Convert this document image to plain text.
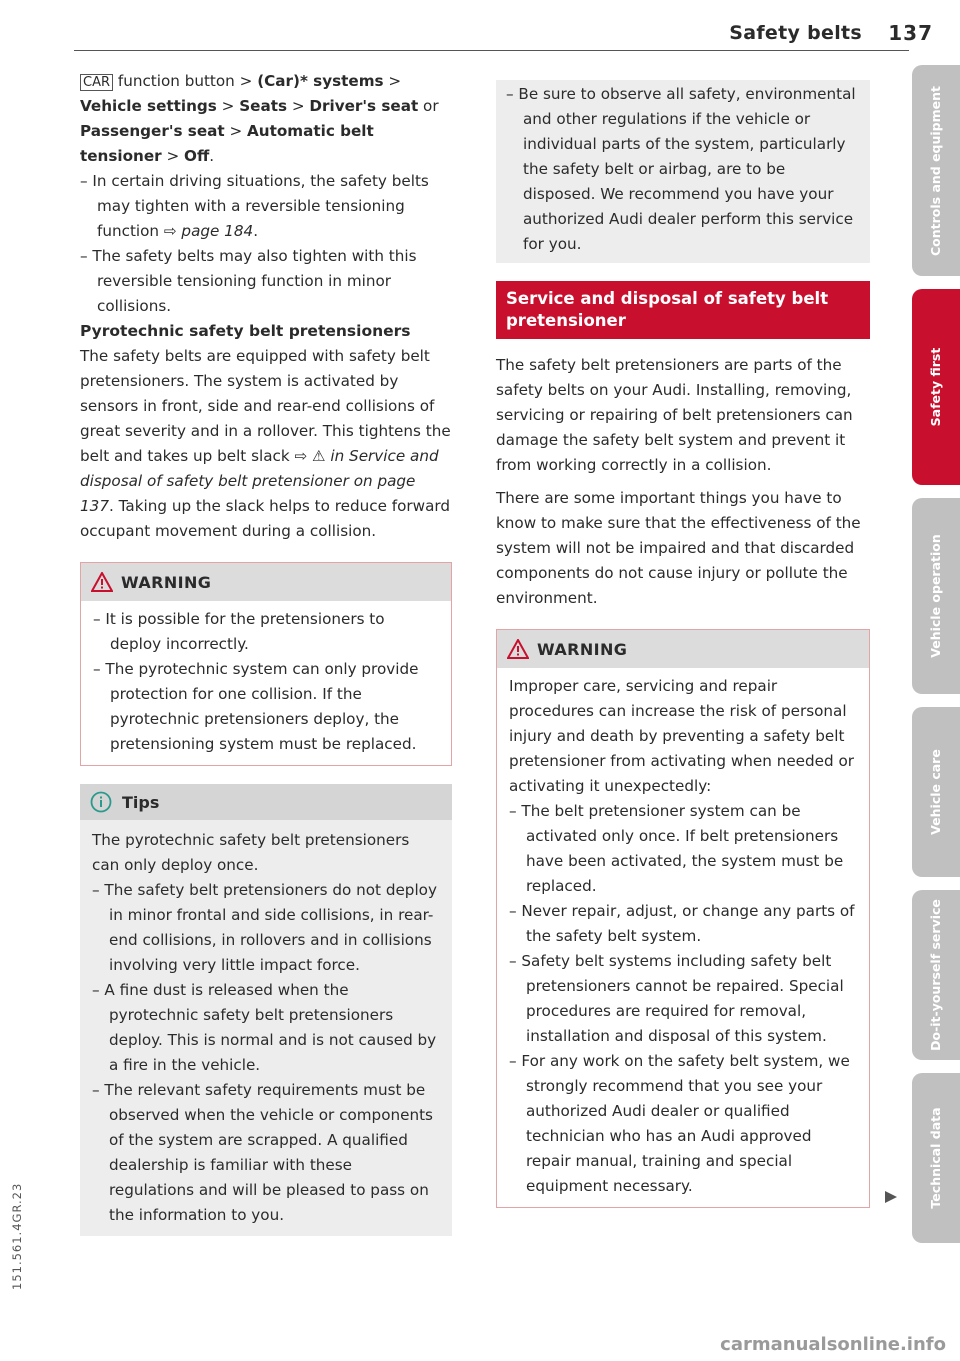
Safety belts 137

CAR function button > (Car)* systems > Vehicle settings > Seats > Driver's seat or Passenger's seat > Automatic belt tensioner > Off.

– In certain driving situations, the safety belts may tighten with a reversible tensioning function ⇨ page 184.

– The safety belts may also tighten with this reversible tensioning function in minor collisions.

Pyrotechnic safety belt pretensioners

The safety belts are equipped with safety belt pretensioners. The system is activated by sensors in front, side and rear-end collisions of great severity and in a rollover. This tightens the belt and takes up belt slack ⇨ ⚠ in Service and disposal of safety belt pretensioner on page 137. Taking up the slack helps to reduce forward occupant movement during a collision.

WARNING

– It is possible for the pretensioners to deploy incorrectly.

– The pyrotechnic system can only provide protection for one collision. If the pyrotechnic pretensioners deploy, the pretensioning system must be replaced.

Tips

The pyrotechnic safety belt pretensioners can only deploy once.

– The safety belt pretensioners do not deploy in minor frontal and side collisions, in rear-end collisions, in rollovers and in collisions involving very little impact force.

– A fine dust is released when the pyrotechnic safety belt pretensioners deploy. This is normal and is not caused by a fire in the vehicle.

– The relevant safety requirements must be observed when the vehicle or components of the system are scrapped. A qualified dealership is familiar with these regulations and will be pleased to pass on the information to you.

– Be sure to observe all safety, environmental and other regulations if the vehicle or individual parts of the system, particularly the safety belt or airbag, are to be disposed. We recommend you have your authorized Audi dealer perform this service for you.

Service and disposal of safety belt pretensioner

The safety belt pretensioners are parts of the safety belts on your Audi. Installing, removing, servicing or repairing of belt pretensioners can damage the safety belt system and prevent it from working correctly in a collision.

There are some important things you have to know to make sure that the effectiveness of the system will not be impaired and that discarded components do not cause injury or pollute the environment.

WARNING

Improper care, servicing and repair procedures can increase the risk of personal injury and death by preventing a safety belt pretensioner from activating when needed or activating it unexpectedly:

– The belt pretensioner system can be activated only once. If belt pretensioners have been activated, the system must be replaced.

– Never repair, adjust, or change any parts of the safety belt system.

– Safety belt systems including safety belt pretensioners cannot be repaired. Special procedures are required for removal, installation and disposal of this system.

– For any work on the safety belt system, we strongly recommend that you see your authorized Audi dealer or qualified technician who has an Audi approved repair manual, training and special equipment necessary.

Controls and equipment
Safety first
Vehicle operation
Vehicle care
Do-it-yourself service
Technical data
151.561.4GR.23
carmanualsonline.info
